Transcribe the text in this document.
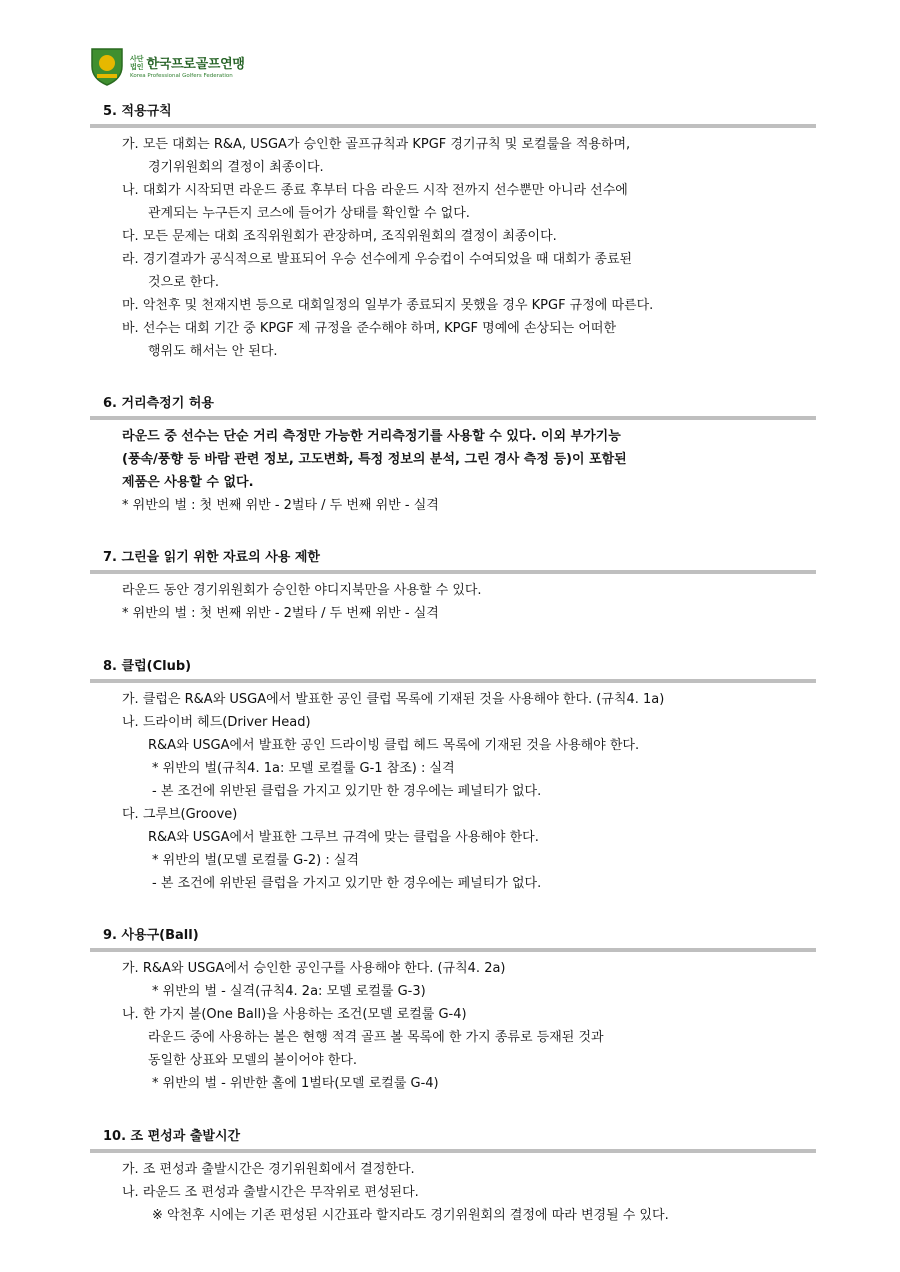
사단
법인 한국프로골프연맹
Korea Professional Golfers Federation
5. 적용규칙
가. 모든 대회는 R&A, USGA가 승인한 골프규칙과 KPGF 경기규칙 및 로컬룰을 적용하며,
경기위원회의 결정이 최종이다.
나. 대회가 시작되면 라운드 종료 후부터 다음 라운드 시작 전까지 선수뿐만 아니라 선수에
관계되는 누구든지 코스에 들어가 상태를 확인할 수 없다.
다. 모든 문제는 대회 조직위원회가 관장하며, 조직위원회의 결정이 최종이다.
라. 경기결과가 공식적으로 발표되어 우승 선수에게 우승컵이 수여되었을 때 대회가 종료된
것으로 한다.
마. 악천후 및 천재지변 등으로 대회일정의 일부가 종료되지 못했을 경우 KPGF 규정에 따른다.
바. 선수는 대회 기간 중 KPGF 제 규정을 준수해야 하며, KPGF 명예에 손상되는 어떠한
행위도 해서는 안 된다.
6. 거리측정기 허용
라운드 중 선수는 단순 거리 측정만 가능한 거리측정기를 사용할 수 있다. 이외 부가기능
(풍속/풍향 등 바람 관련 정보, 고도변화, 특정 정보의 분석, 그린 경사 측정 등)이 포함된
제품은 사용할 수 없다.
* 위반의 벌 : 첫 번째 위반 - 2벌타 / 두 번째 위반 - 실격
7. 그린을 읽기 위한 자료의 사용 제한
라운드 동안 경기위원회가 승인한 야디지북만을 사용할 수 있다.
* 위반의 벌 : 첫 번째 위반 - 2벌타 / 두 번째 위반 - 실격
8. 클럽(Club)
가. 클럽은 R&A와 USGA에서 발표한 공인 클럽 목록에 기재된 것을 사용해야 한다. (규칙4. 1a)
나. 드라이버 헤드(Driver Head)
R&A와 USGA에서 발표한 공인 드라이빙 클럽 헤드 목록에 기재된 것을 사용해야 한다.
* 위반의 벌(규칙4. 1a: 모델 로컬룰 G-1 참조) : 실격
- 본 조건에 위반된 클럽을 가지고 있기만 한 경우에는 페널티가 없다.
다. 그루브(Groove)
R&A와 USGA에서 발표한 그루브 규격에 맞는 클럽을 사용해야 한다.
* 위반의 벌(모델 로컬룰 G-2) : 실격
- 본 조건에 위반된 클럽을 가지고 있기만 한 경우에는 페널티가 없다.
9. 사용구(Ball)
가. R&A와 USGA에서 승인한 공인구를 사용해야 한다. (규칙4. 2a)
* 위반의 벌 - 실격(규칙4. 2a: 모델 로컬룰 G-3)
나. 한 가지 볼(One Ball)을 사용하는 조건(모델 로컬룰 G-4)
라운드 중에 사용하는 볼은 현행 적격 골프 볼 목록에 한 가지 종류로 등재된 것과
동일한 상표와 모델의 볼이어야 한다.
* 위반의 벌 - 위반한 홀에 1벌타(모델 로컬룰 G-4)
10. 조 편성과 출발시간
가. 조 편성과 출발시간은 경기위원회에서 결정한다.
나. 라운드 조 편성과 출발시간은 무작위로 편성된다.
※ 악천후 시에는 기존 편성된 시간표라 할지라도 경기위원회의 결정에 따라 변경될 수 있다.
